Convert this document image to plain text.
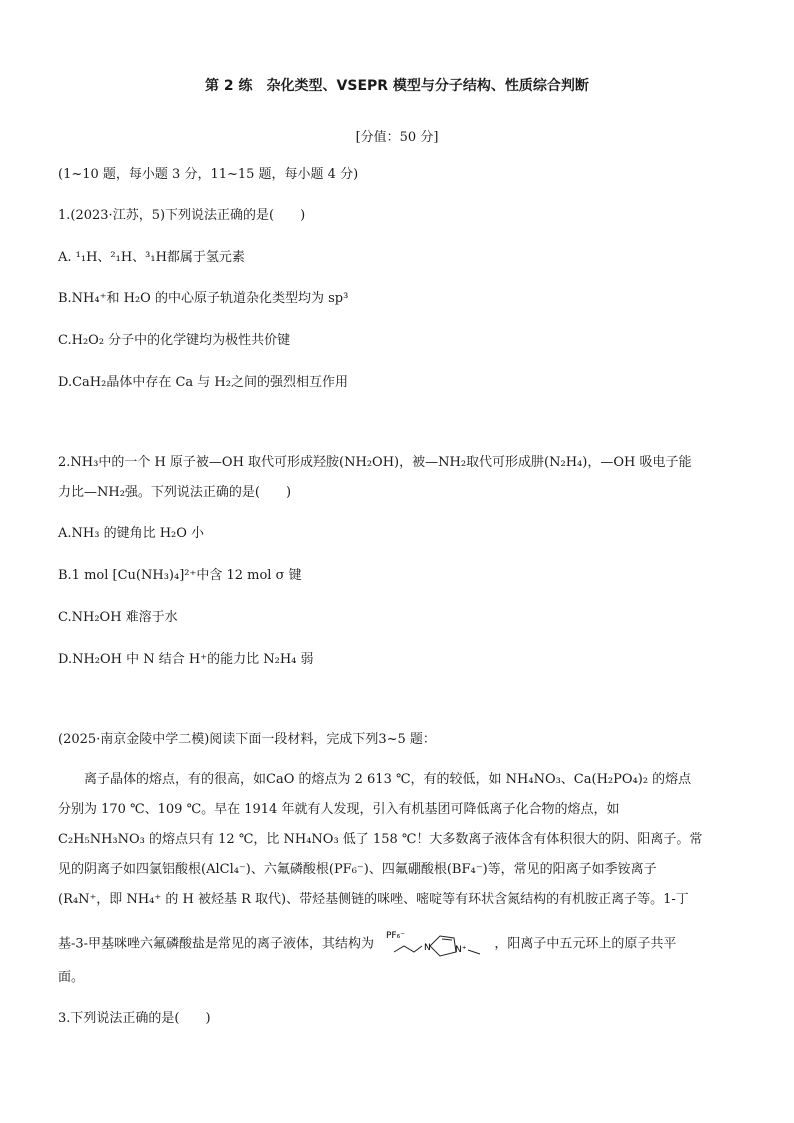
第 2 练　杂化类型、VSEPR 模型与分子结构、性质综合判断
[分值：50 分]
(1~10 题，每小题 3 分，11~15 题，每小题 4 分)
1.(2023·江苏，5)下列说法正确的是(　　)
A. ¹₁H、²₁H、³₁H都属于氢元素
B.NH₄⁺和 H₂O 的中心原子轨道杂化类型均为 sp³
C.H₂O₂ 分子中的化学键均为极性共价键
D.CaH₂晶体中存在 Ca 与 H₂之间的强烈相互作用
2.NH₃中的一个 H 原子被—OH 取代可形成羟胺(NH₂OH)，被—NH₂取代可形成肼(N₂H₄)，—OH 吸电子能
力比—NH₂强。下列说法正确的是(　　)
A.NH₃ 的键角比 H₂O 小
B.1 mol [Cu(NH₃)₄]²⁺中含 12 mol σ 键
C.NH₂OH 难溶于水
D.NH₂OH 中 N 结合 H⁺的能力比 N₂H₄ 弱
(2025·南京金陵中学二模)阅读下面一段材料，完成下列3~5 题：
离子晶体的熔点，有的很高，如CaO 的熔点为 2 613 ℃，有的较低，如 NH₄NO₃、Ca(H₂PO₄)₂ 的熔点
分别为 170 ℃、109 ℃。早在 1914 年就有人发现，引入有机基团可降低离子化合物的熔点，如
C₂H₅NH₃NO₃ 的熔点只有 12 ℃，比 NH₄NO₃ 低了 158 ℃！大多数离子液体含有体积很大的阴、阳离子。常
见的阴离子如四氯铝酸根(AlCl₄⁻)、六氟磷酸根(PF₆⁻)、四氟硼酸根(BF₄⁻)等，常见的阳离子如季铵离子
(R₄N⁺，即 NH₄⁺ 的 H 被烃基 R 取代)、带烃基侧链的咪唑、嘧啶等有环状含氮结构的有机胺正离子等。1-丁
基-3-甲基咪唑六氟磷酸盐是常见的离子液体，其结构为
PF₆⁻
N	N⁺ ，阳离子中五元环上的原子共平
面。
3.下列说法正确的是(　　)
